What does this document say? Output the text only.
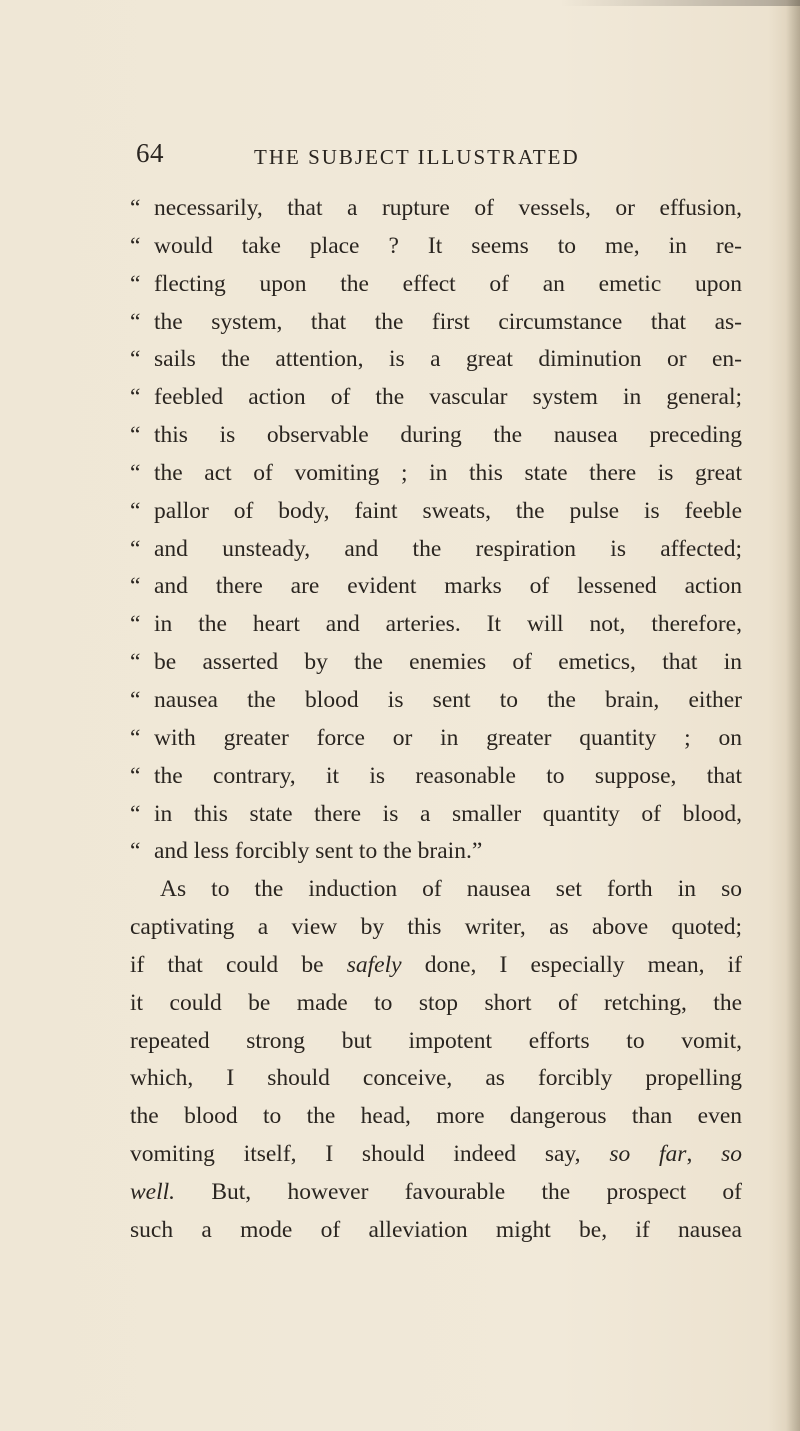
64	THE SUBJECT ILLUSTRATED
“ necessarily, that a rupture of vessels, or effusion,
“ would take place ? It seems to me, in re-
“ flecting upon the effect of an emetic upon
“ the system, that the first circumstance that as-
“ sails the attention, is a great diminution or en-
“ feebled action of the vascular system in general;
“ this is observable during the nausea preceding
“ the act of vomiting ; in this state there is great
“ pallor of body, faint sweats, the pulse is feeble
“ and unsteady, and the respiration is affected;
“ and there are evident marks of lessened action
“ in the heart and arteries. It will not, therefore,
“ be asserted by the enemies of emetics, that in
“ nausea the blood is sent to the brain, either
“ with greater force or in greater quantity ; on
“ the contrary, it is reasonable to suppose, that
“ in this state there is a smaller quantity of blood,
“ and less forcibly sent to the brain.”
As to the induction of nausea set forth in so
captivating a view by this writer, as above quoted;
if that could be safely done, I especially mean, if
it could be made to stop short of retching, the
repeated strong but impotent efforts to vomit,
which, I should conceive, as forcibly propelling
the blood to the head, more dangerous than even
vomiting itself, I should indeed say, so far, so
well. But, however favourable the prospect of
such a mode of alleviation might be, if nausea
